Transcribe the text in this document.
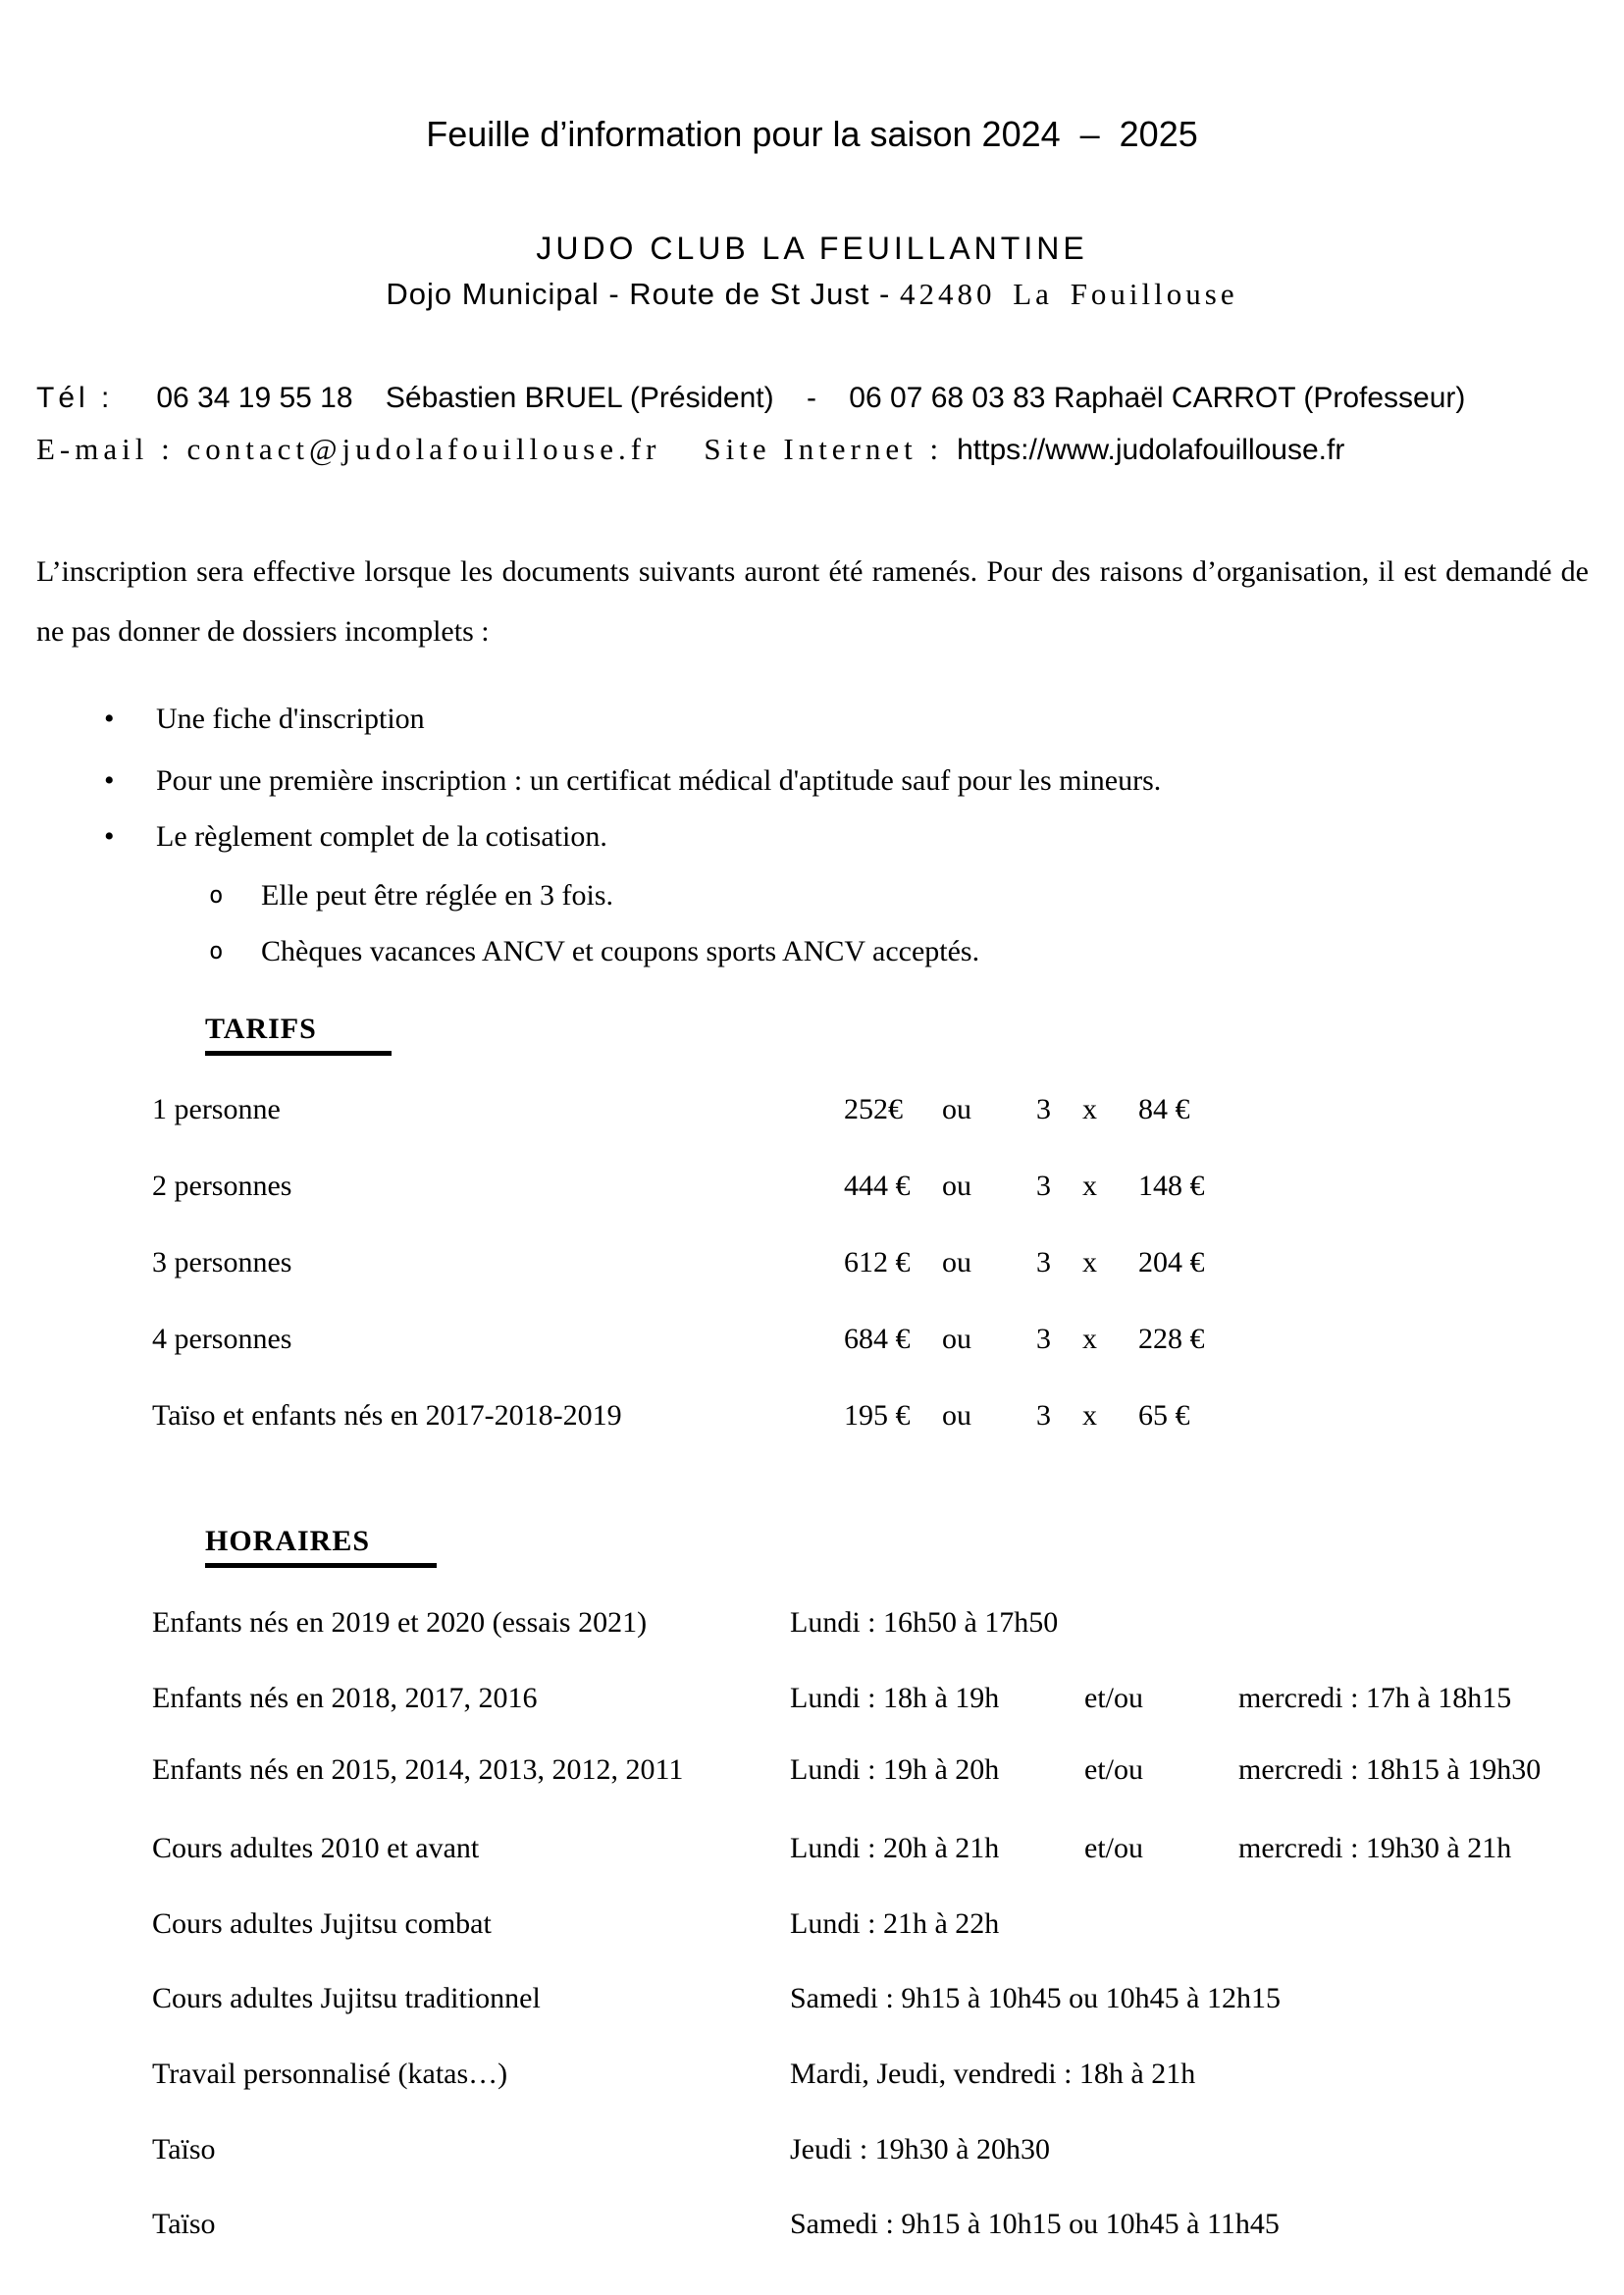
Feuille d’information pour la saison 2024  –  2025
JUDO CLUB LA FEUILLANTINE
Dojo Municipal - Route de St Just - 42480 La Fouillouse
Tél : 06 34 19 55 18    Sébastien BRUEL (Président)    -    06 07 68 03 83 Raphaël CARROT (Professeur)
E-mail : contact@judolafouillouse.fr Site Internet : https://www.judolafouillouse.fr
L’inscription sera effective lorsque les documents suivants auront été ramenés. Pour des raisons d’organisation, il est demandé de ne pas donner de dossiers incomplets :
• Une fiche d'inscription
• Pour une première inscription : un certificat médical d'aptitude sauf pour les mineurs.
• Le règlement complet de la cotisation.
o Elle peut être réglée en 3 fois.
o Chèques vacances ANCV et coupons sports ANCV acceptés.
TARIFS
1 personne	252€	ou	3	x	84 €
2 personnes	444 €	ou	3	x	148 €
3 personnes	612 €	ou	3	x	204 €
4 personnes	684 €	ou	3	x	228 €
Taïso et enfants nés en 2017-2018-2019	195 €	ou	3	x	65 €
HORAIRES
Enfants nés en 2019 et 2020 (essais 2021)	Lundi : 16h50 à 17h50
Enfants nés en 2018, 2017, 2016	Lundi : 18h à 19h	et/ou	mercredi : 17h à 18h15
Enfants nés en 2015, 2014, 2013, 2012, 2011	Lundi : 19h à 20h	et/ou	mercredi : 18h15 à 19h30
Cours adultes 2010 et avant	Lundi : 20h à 21h	et/ou	mercredi : 19h30 à 21h
Cours adultes Jujitsu combat	Lundi : 21h à 22h
Cours adultes Jujitsu traditionnel	Samedi : 9h15 à 10h45 ou 10h45 à 12h15
Travail personnalisé (katas…)	Mardi, Jeudi, vendredi : 18h à 21h
Taïso	Jeudi : 19h30 à 20h30
Taïso	Samedi : 9h15 à 10h15 ou 10h45 à 11h45
